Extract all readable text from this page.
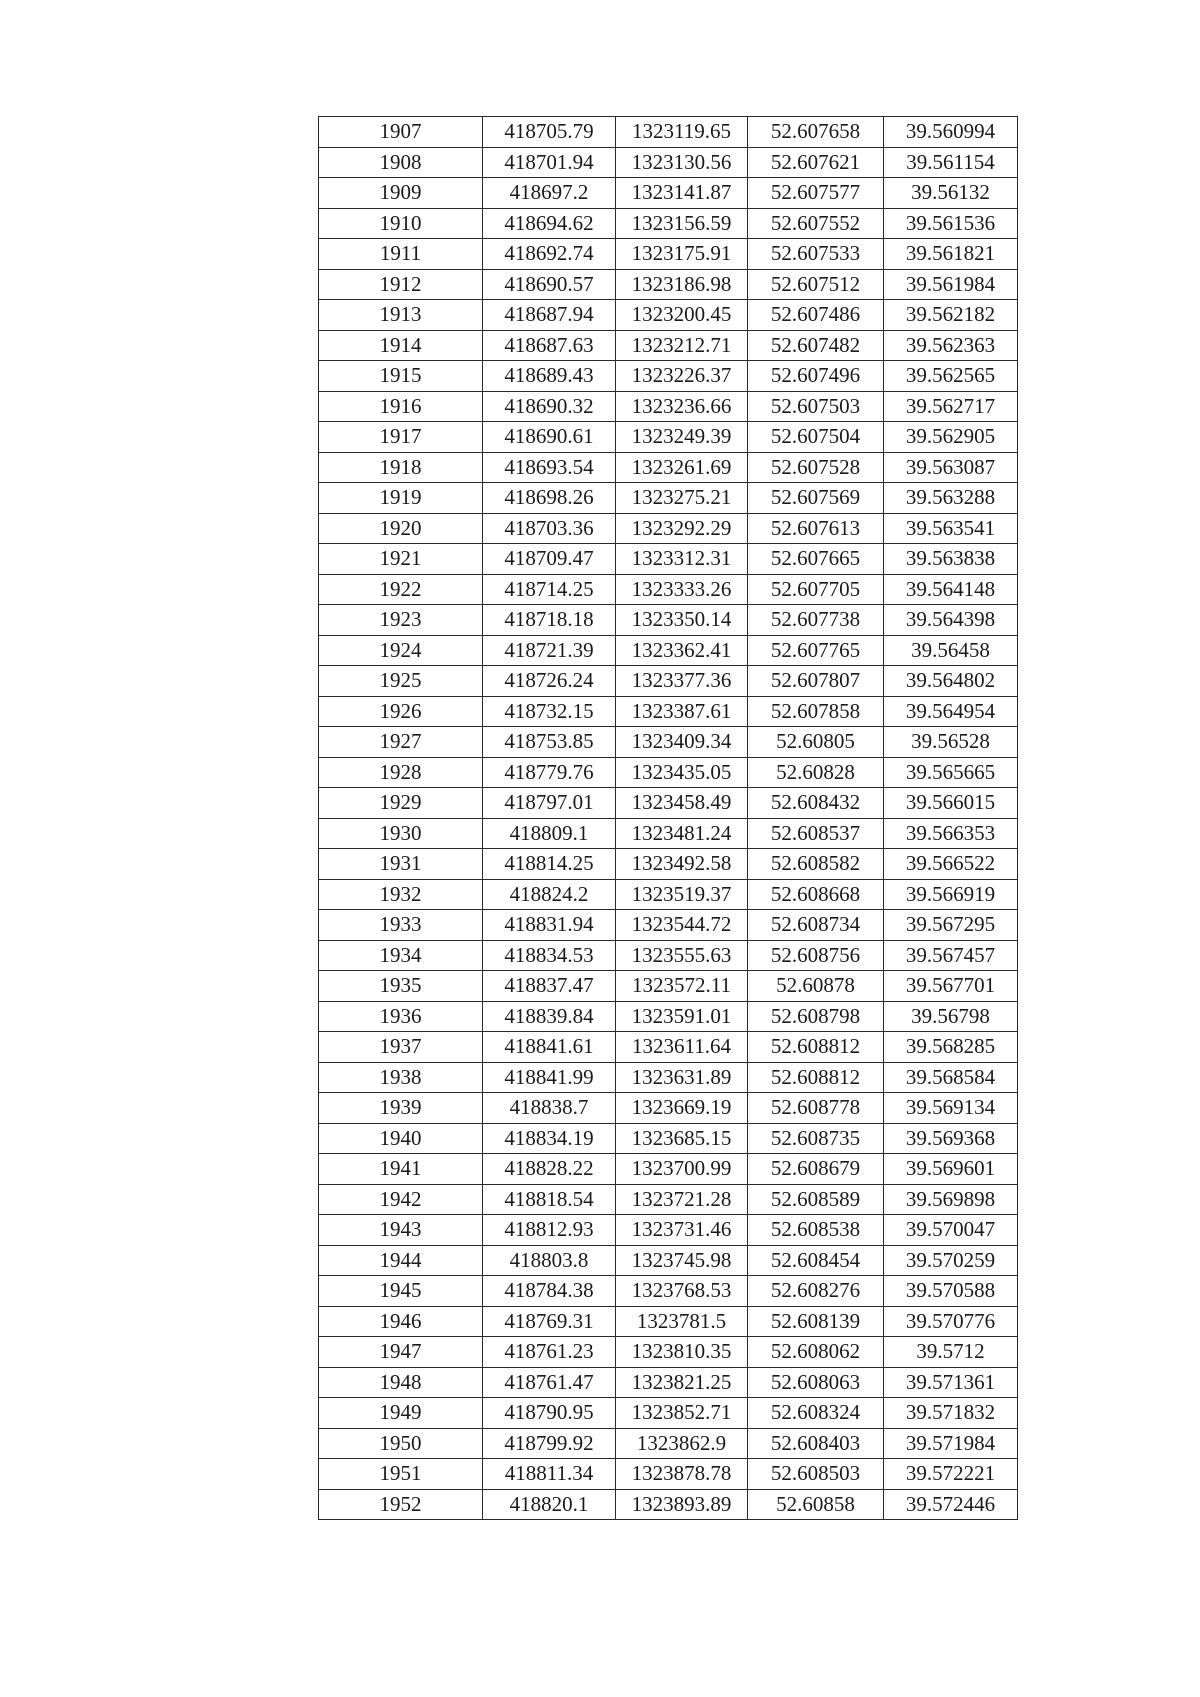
1907	418705.79	1323119.65	52.607658	39.560994
1908	418701.94	1323130.56	52.607621	39.561154
1909	418697.2	1323141.87	52.607577	39.56132
1910	418694.62	1323156.59	52.607552	39.561536
1911	418692.74	1323175.91	52.607533	39.561821
1912	418690.57	1323186.98	52.607512	39.561984
1913	418687.94	1323200.45	52.607486	39.562182
1914	418687.63	1323212.71	52.607482	39.562363
1915	418689.43	1323226.37	52.607496	39.562565
1916	418690.32	1323236.66	52.607503	39.562717
1917	418690.61	1323249.39	52.607504	39.562905
1918	418693.54	1323261.69	52.607528	39.563087
1919	418698.26	1323275.21	52.607569	39.563288
1920	418703.36	1323292.29	52.607613	39.563541
1921	418709.47	1323312.31	52.607665	39.563838
1922	418714.25	1323333.26	52.607705	39.564148
1923	418718.18	1323350.14	52.607738	39.564398
1924	418721.39	1323362.41	52.607765	39.56458
1925	418726.24	1323377.36	52.607807	39.564802
1926	418732.15	1323387.61	52.607858	39.564954
1927	418753.85	1323409.34	52.60805	39.56528
1928	418779.76	1323435.05	52.60828	39.565665
1929	418797.01	1323458.49	52.608432	39.566015
1930	418809.1	1323481.24	52.608537	39.566353
1931	418814.25	1323492.58	52.608582	39.566522
1932	418824.2	1323519.37	52.608668	39.566919
1933	418831.94	1323544.72	52.608734	39.567295
1934	418834.53	1323555.63	52.608756	39.567457
1935	418837.47	1323572.11	52.60878	39.567701
1936	418839.84	1323591.01	52.608798	39.56798
1937	418841.61	1323611.64	52.608812	39.568285
1938	418841.99	1323631.89	52.608812	39.568584
1939	418838.7	1323669.19	52.608778	39.569134
1940	418834.19	1323685.15	52.608735	39.569368
1941	418828.22	1323700.99	52.608679	39.569601
1942	418818.54	1323721.28	52.608589	39.569898
1943	418812.93	1323731.46	52.608538	39.570047
1944	418803.8	1323745.98	52.608454	39.570259
1945	418784.38	1323768.53	52.608276	39.570588
1946	418769.31	1323781.5	52.608139	39.570776
1947	418761.23	1323810.35	52.608062	39.5712
1948	418761.47	1323821.25	52.608063	39.571361
1949	418790.95	1323852.71	52.608324	39.571832
1950	418799.92	1323862.9	52.608403	39.571984
1951	418811.34	1323878.78	52.608503	39.572221
1952	418820.1	1323893.89	52.60858	39.572446
